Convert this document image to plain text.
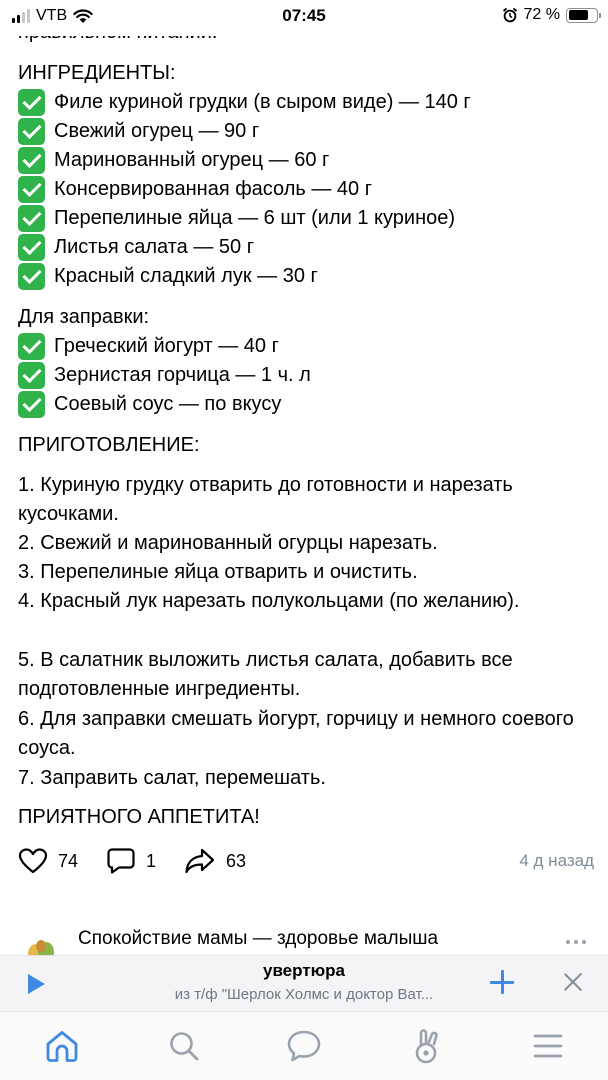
VTB	07:45	72 %
ИНГРЕДИЕНТЫ:
Филе куриной грудки (в сыром виде) — 140 г
Свежий огурец — 90 г
Маринованный огурец — 60 г
Консервированная фасоль — 40 г
Перепелиные яйца — 6 шт (или 1 куриное)
Листья салата — 50 г
Красный сладкий лук — 30 г
Для заправки:
Греческий йогурт — 40 г
Зернистая горчица — 1 ч. л
Соевый соус — по вкусу
ПРИГОТОВЛЕНИЕ:
1. Куриную грудку отварить до готовности и нарезать кусочками.
2. Свежий и маринованный огурцы нарезать.
3. Перепелиные яйца отварить и очистить.
4. Красный лук нарезать полукольцами (по желанию).
5. В салатник выложить листья салата, добавить все подготовленные ингредиенты.
6. Для заправки смешать йогурт, горчицу и немного соевого соуса.
7. Заправить салат, перемешать.
ПРИЯТНОГО АППЕТИТА!
74	1	63	4 д назад
Спокойствие мамы — здоровье малыша
увертюра
из т/ф "Шерлок Холмс и доктор Ват...
